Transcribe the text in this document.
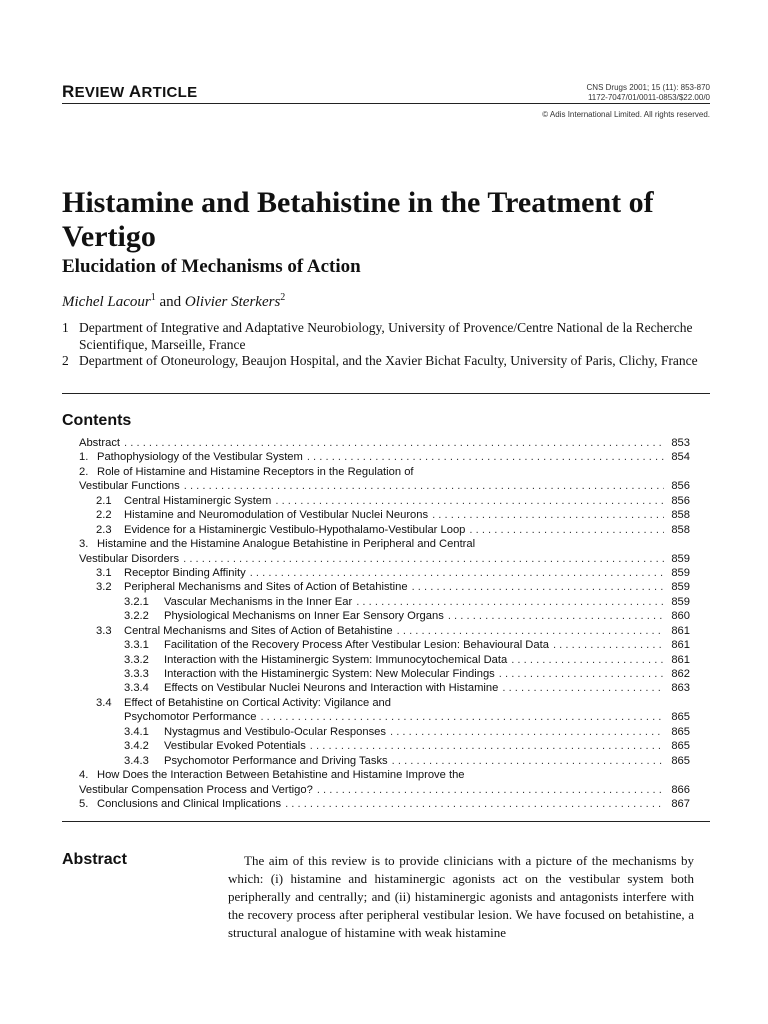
REVIEW ARTICLE	CNS Drugs 2001; 15 (11): 853-870
1172-7047/01/0011-0853/$22.00/0
© Adis International Limited. All rights reserved.
Histamine and Betahistine in the Treatment of Vertigo
Elucidation of Mechanisms of Action
Michel Lacour$^1$ and Olivier Sterkers$^2$
1 Department of Integrative and Adaptative Neurobiology, University of Provence/Centre National de la Recherche Scientifique, Marseille, France
2 Department of Otoneurology, Beaujon Hospital, and the Xavier Bichat Faculty, University of Paris, Clichy, France
Contents
Abstract . . .	853
1. Pathophysiology of the Vestibular System . . .	854
2. Role of Histamine and Histamine Receptors in the Regulation of
Vestibular Functions . . .	856
2.1	Central Histaminergic System . . .	856
2.2	Histamine and Neuromodulation of Vestibular Nuclei Neurons . . .	858
2.3	Evidence for a Histaminergic Vestibulo-Hypothalamo-Vestibular Loop . . .	858
3. Histamine and the Histamine Analogue Betahistine in Peripheral and Central
Vestibular Disorders . . .	859
3.1	Receptor Binding Affinity . . .	859
3.2	Peripheral Mechanisms and Sites of Action of Betahistine . . .	859
3.2.1	Vascular Mechanisms in the Inner Ear . . .	859
3.2.2	Physiological Mechanisms on Inner Ear Sensory Organs . . .	860
3.3	Central Mechanisms and Sites of Action of Betahistine . . .	861
3.3.1	Facilitation of the Recovery Process After Vestibular Lesion: Behavioural Data . . .	861
3.3.2	Interaction with the Histaminergic System: Immunocytochemical Data . . .	861
3.3.3	Interaction with the Histaminergic System: New Molecular Findings . . .	862
3.3.4	Effects on Vestibular Nuclei Neurons and Interaction with Histamine . . .	863
3.4	Effect of Betahistine on Cortical Activity: Vigilance and
Psychomotor Performance . . .	865
3.4.1	Nystagmus and Vestibulo-Ocular Responses . . .	865
3.4.2	Vestibular Evoked Potentials . . .	865
3.4.3	Psychomotor Performance and Driving Tasks . . .	865
4. How Does the Interaction Between Betahistine and Histamine Improve the
Vestibular Compensation Process and Vertigo? . . .	866
5. Conclusions and Clinical Implications . . .	867
Abstract	The aim of this review is to provide clinicians with a picture of the mechanisms by which: (i) histamine and histaminergic agonists act on the vestibular system both peripherally and centrally; and (ii) histaminergic agonists and antagonists interfere with the recovery process after peripheral vestibular lesion. We have focused on betahistine, a structural analogue of histamine with weak histamine
